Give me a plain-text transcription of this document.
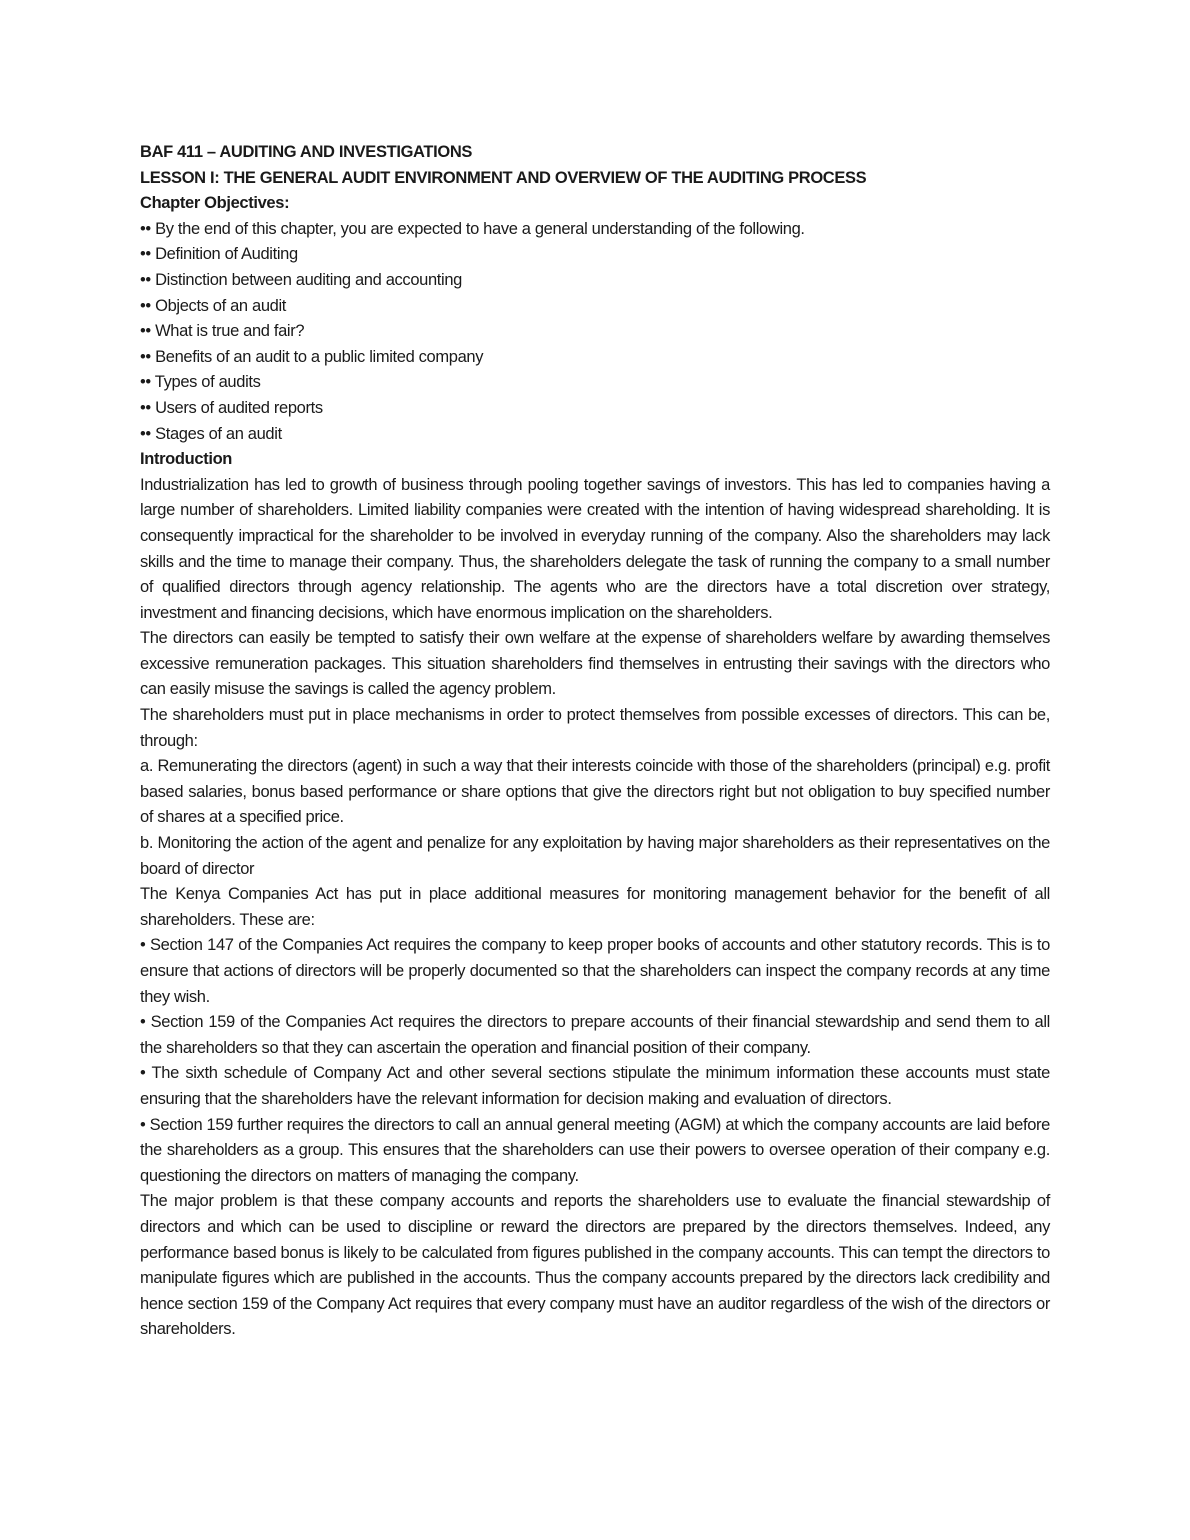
BAF 411 – AUDITING AND INVESTIGATIONS

LESSON I: THE GENERAL AUDIT ENVIRONMENT AND OVERVIEW OF THE AUDITING PROCESS

Chapter Objectives:

•• By the end of this chapter, you are expected to have a general understanding of the following.
•• Definition of Auditing
•• Distinction between auditing and accounting
•• Objects of an audit
•• What is true and fair?
•• Benefits of an audit to a public limited company
•• Types of audits
•• Users of audited reports
•• Stages of an audit

Introduction

Industrialization has led to growth of business through pooling together savings of investors. This has led to companies having a large number of shareholders. Limited liability companies were created with the intention of having widespread shareholding. It is consequently impractical for the shareholder to be involved in everyday running of the company. Also the shareholders may lack skills and the time to manage their company. Thus, the shareholders delegate the task of running the company to a small number of qualified directors through agency relationship. The agents who are the directors have a total discretion over strategy, investment and financing decisions, which have enormous implication on the shareholders.

The directors can easily be tempted to satisfy their own welfare at the expense of shareholders welfare by awarding themselves excessive remuneration packages. This situation shareholders find themselves in entrusting their savings with the directors who can easily misuse the savings is called the agency problem.

The shareholders must put in place mechanisms in order to protect themselves from possible excesses of directors. This can be, through:

a. Remunerating the directors (agent) in such a way that their interests coincide with those of the shareholders (principal) e.g. profit based salaries, bonus based performance or share options that give the directors right but not obligation to buy specified number of shares at a specified price.

b. Monitoring the action of the agent and penalize for any exploitation by having major shareholders as their representatives on the board of director

The Kenya Companies Act has put in place additional measures for monitoring management behavior for the benefit of all shareholders. These are:

• Section 147 of the Companies Act requires the company to keep proper books of accounts and other statutory records. This is to ensure that actions of directors will be properly documented so that the shareholders can inspect the company records at any time they wish.

• Section 159 of the Companies Act requires the directors to prepare accounts of their financial stewardship and send them to all the shareholders so that they can ascertain the operation and financial position of their company.

• The sixth schedule of Company Act and other several sections stipulate the minimum information these accounts must state ensuring that the shareholders have the relevant information for decision making and evaluation of directors.

• Section 159 further requires the directors to call an annual general meeting (AGM) at which the company accounts are laid before the shareholders as a group. This ensures that the shareholders can use their powers to oversee operation of their company e.g. questioning the directors on matters of managing the company.

The major problem is that these company accounts and reports the shareholders use to evaluate the financial stewardship of directors and which can be used to discipline or reward the directors are prepared by the directors themselves. Indeed, any performance based bonus is likely to be calculated from figures published in the company accounts. This can tempt the directors to manipulate figures which are published in the accounts. Thus the company accounts prepared by the directors lack credibility and hence section 159 of the Company Act requires that every company must have an auditor regardless of the wish of the directors or shareholders.
